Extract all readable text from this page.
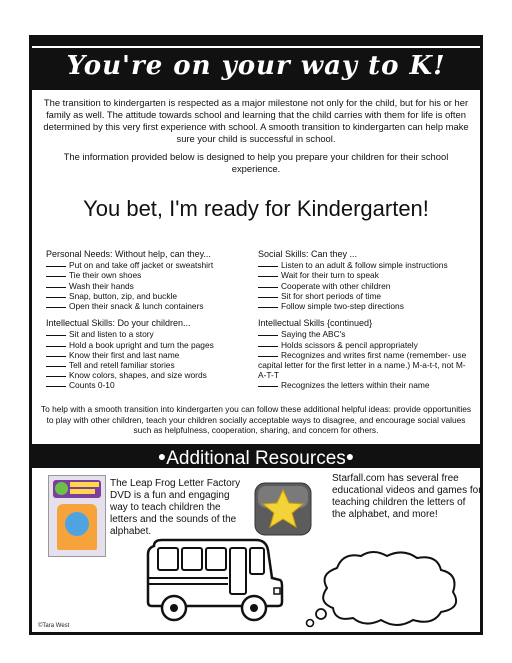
You're on your way to K!

The transition to kindergarten is respected as a major milestone not only for the child, but for his or her family as well. The attitude towards school and learning that the child carries with them for life is often determined by this very first experience with school. A smooth transition to kindergarten can help make sure your child is successful in school.

The information provided below is designed to help you prepare your children for their school experience.

You bet, I'm ready for Kindergarten!
Personal Needs: Without help, can they...
Put on and take off jacket or sweatshirt
Tie their own shoes
Wash their hands
Snap, button, zip, and buckle
Open their snack & lunch containers
Intellectual Skills: Do your children...
Sit and listen to a story
Hold a book upright and turn the pages
Know their first and last name
Tell and retell familiar stories
Know colors, shapes, and size words
Counts 0-10
Social Skills: Can they ...
Listen to an adult & follow simple instructions
Wait for their turn to speak
Cooperate with other children
Sit for short periods of time
Follow simple two-step directions
Intellectual Skills {continued}
Saying the ABC's
Holds scissors & pencil appropriately
Recognizes and writes first name (remember- use capital letter for the first letter in a name.) M-a-t-t, not M-A-T-T
Recognizes the letters within their name
To help with a smooth transition into kindergarten you can follow these additional helpful ideas: provide opportunities to play with other children, teach your children socially acceptable ways to disagree, and encourage social values such as helpfulness, cooperation, sharing, and concern for others.
●Additional Resources●
The Leap Frog Letter Factory DVD is a fun and engaging way to teach children the letters and the sounds of the alphabet.
Starfall.com has several free educational videos and games for teaching children the letters of the alphabet, and more!
©Tara West
